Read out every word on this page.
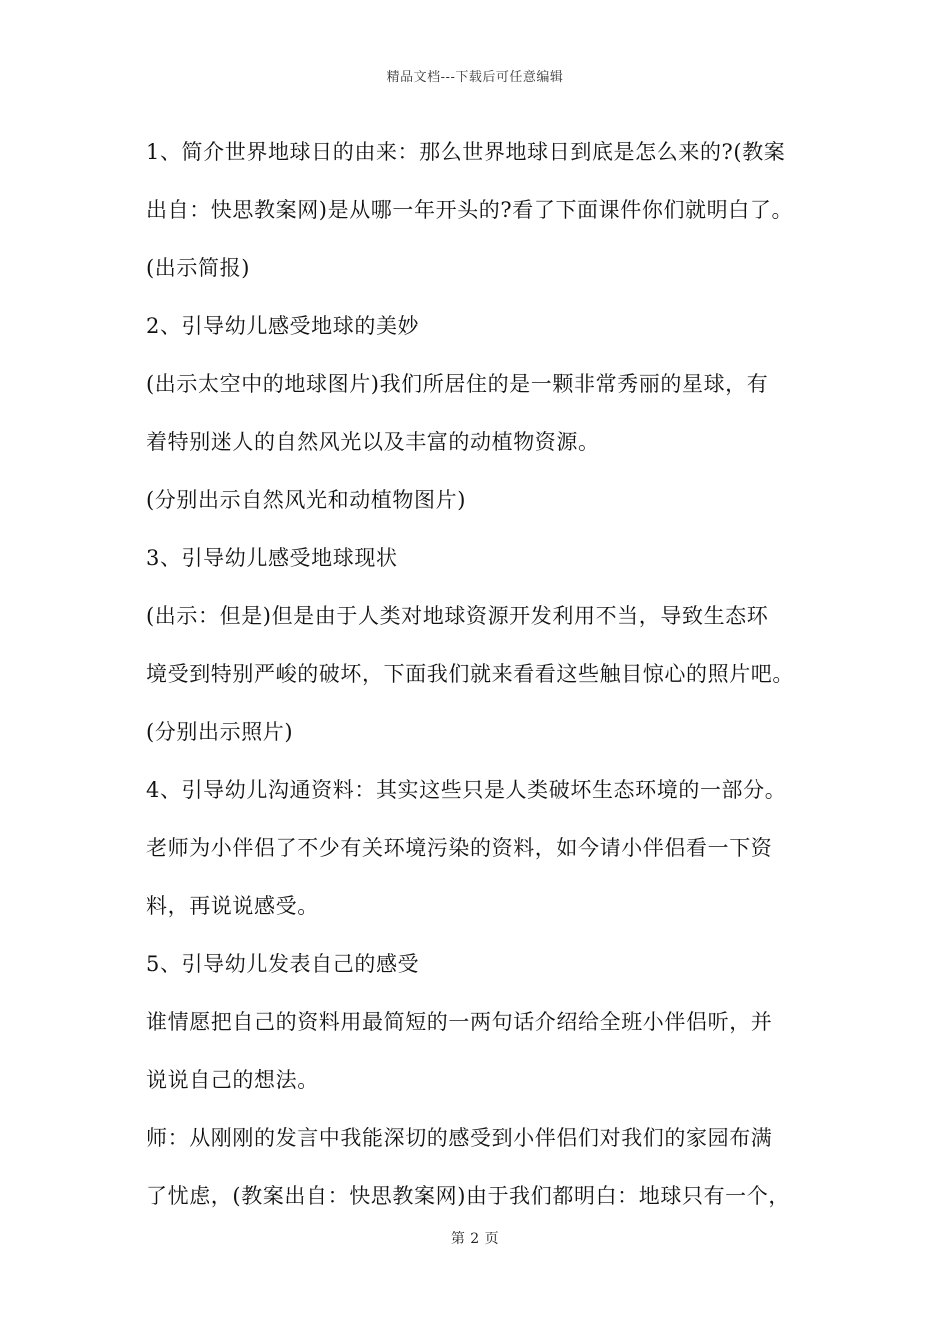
精品文档---下载后可任意编辑
1、简介世界地球日的由来：那么世界地球日到底是怎么来的?(教案
出自：快思教案网)是从哪一年开头的?看了下面课件你们就明白了。
(出示简报)
2、引导幼儿感受地球的美妙
(出示太空中的地球图片)我们所居住的是一颗非常秀丽的星球，有
着特别迷人的自然风光以及丰富的动植物资源。
(分别出示自然风光和动植物图片)
3、引导幼儿感受地球现状
(出示：但是)但是由于人类对地球资源开发利用不当，导致生态环
境受到特别严峻的破坏，下面我们就来看看这些触目惊心的照片吧。
(分别出示照片)
4、引导幼儿沟通资料：其实这些只是人类破坏生态环境的一部分。
老师为小伴侣了不少有关环境污染的资料，如今请小伴侣看一下资
料，再说说感受。
5、引导幼儿发表自己的感受
谁情愿把自己的资料用最简短的一两句话介绍给全班小伴侣听，并
说说自己的想法。
师：从刚刚的发言中我能深切的感受到小伴侣们对我们的家园布满
了忧虑，(教案出自：快思教案网)由于我们都明白：地球只有一个，
第 2 页
